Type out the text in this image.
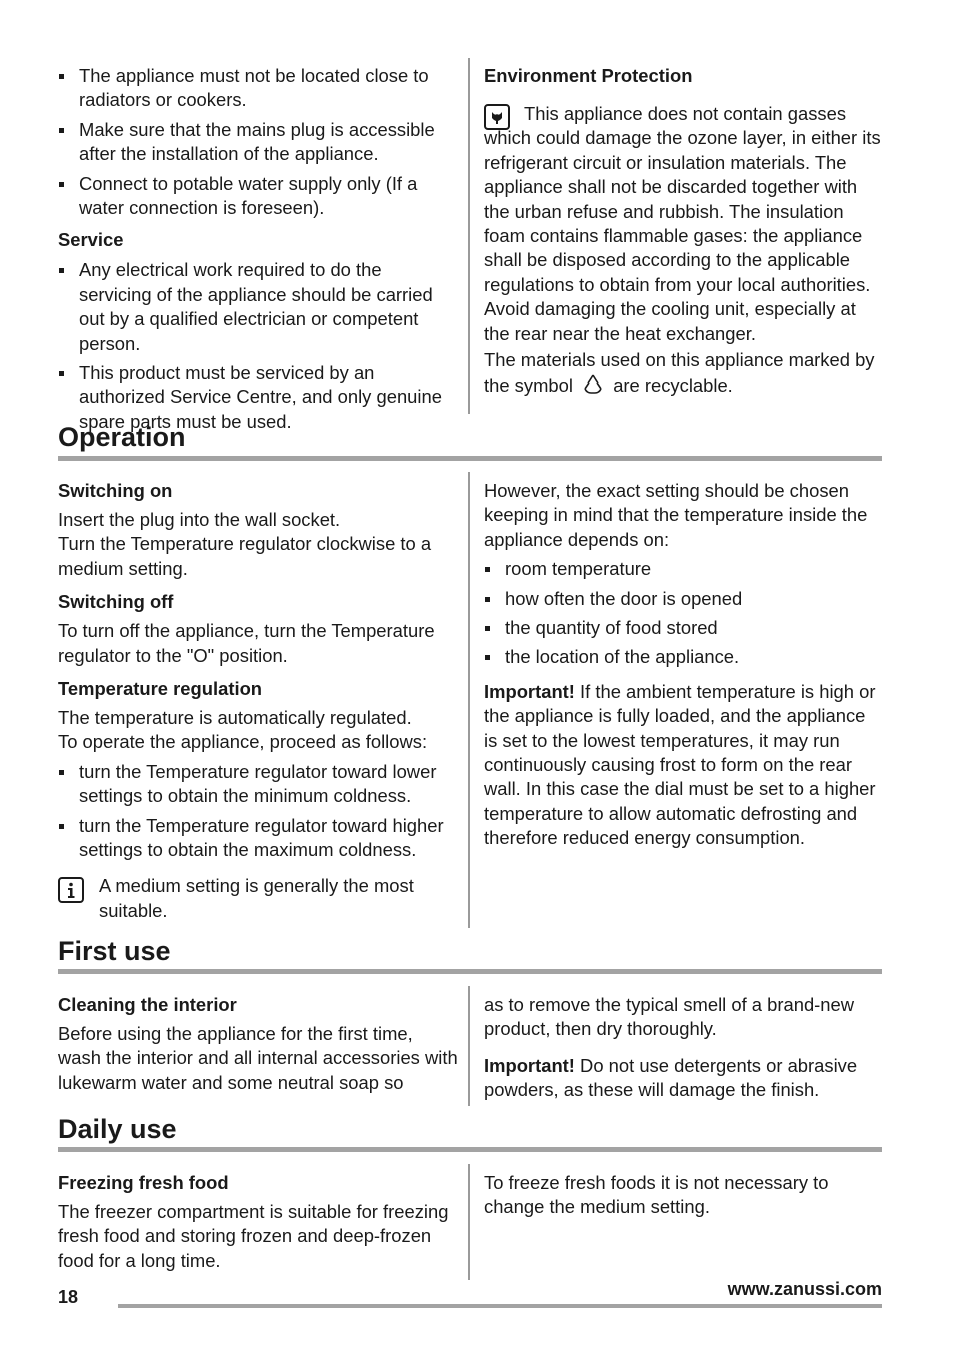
The appliance must not be located close to radiators or cookers.
Make sure that the mains plug is accessible after the installation of the appliance.
Connect to potable water supply only (If a water connection is foreseen).
Service
Any electrical work required to do the servicing of the appliance should be carried out by a qualified electrician or competent person.
This product must be serviced by an authorized Service Centre, and only genuine spare parts must be used.
Environment Protection

This appliance does not contain gasses which could damage the ozone layer, in either its refrigerant circuit or insulation materials. The appliance shall not be discarded together with the urban refuse and rubbish. The insulation foam contains flammable gases: the appliance shall be disposed according to the applicable regulations to obtain from your local authorities. Avoid damaging the cooling unit, especially at the rear near the heat exchanger.

The materials used on this appliance marked by the symbol are recyclable.

Operation
Switching on

Insert the plug into the wall socket.

Turn the Temperature regulator clockwise to a medium setting.

Switching off

To turn off the appliance, turn the Temperature regulator to the "O" position.

Temperature regulation

The temperature is automatically regulated.

To operate the appliance, proceed as follows:

turn the Temperature regulator toward lower settings to obtain the minimum coldness.
turn the Temperature regulator toward higher settings to obtain the maximum coldness.

A medium setting is generally the most suitable.

However, the exact setting should be chosen keeping in mind that the temperature inside the appliance depends on:

room temperature
how often the door is opened
the quantity of food stored
the location of the appliance.

Important! If the ambient temperature is high or the appliance is fully loaded, and the appliance is set to the lowest temperatures, it may run continuously causing frost to form on the rear wall. In this case the dial must be set to a higher temperature to allow automatic defrosting and therefore reduced energy consumption.

First use
Cleaning the interior

Before using the appliance for the first time, wash the interior and all internal accessories with lukewarm water and some neutral soap so

as to remove the typical smell of a brand-new product, then dry thoroughly.

Important! Do not use detergents or abrasive powders, as these will damage the finish.

Daily use
Freezing fresh food

The freezer compartment is suitable for freezing fresh food and storing frozen and deep-frozen food for a long time.

To freeze fresh foods it is not necessary to change the medium setting.

18	www.zanussi.com
